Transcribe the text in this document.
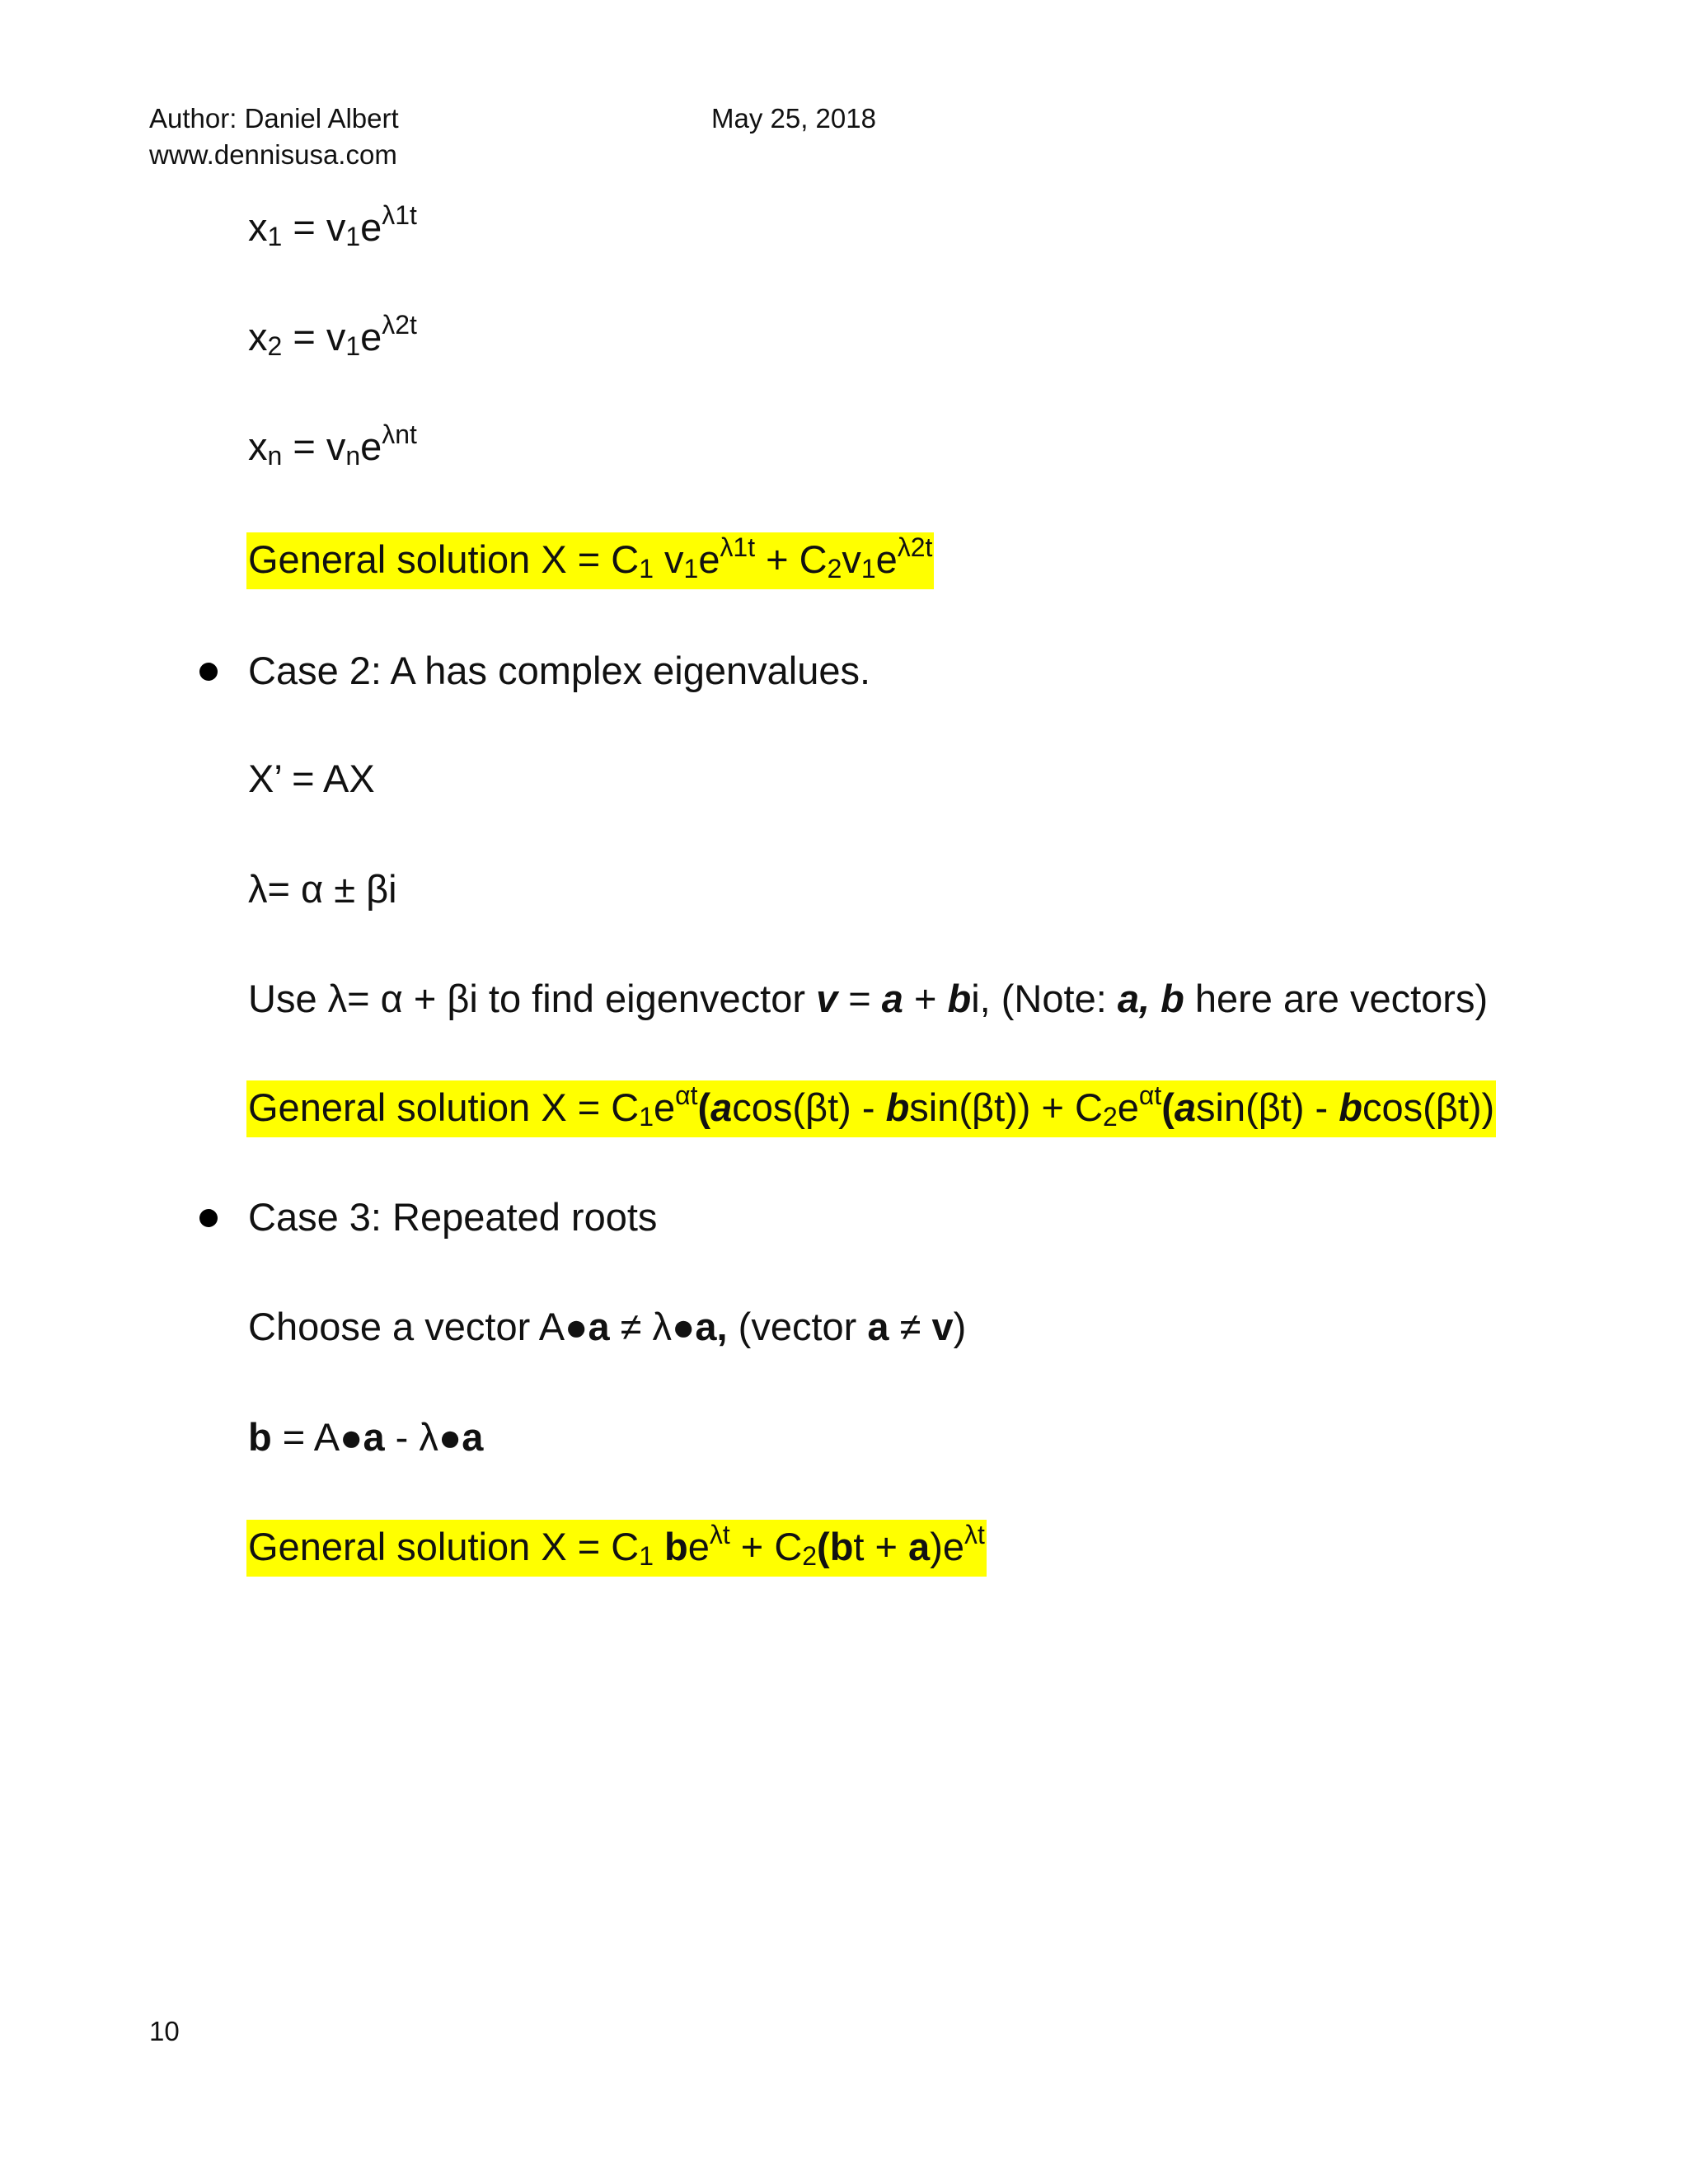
Author: Daniel Albert
www.dennisusa.com
May 25, 2018
$x_1 = v_1e^{\lambda 1t}$
$x_2 = v_1e^{\lambda 2t}$
$x_n = v_ne^{\lambda nt}$
General solution $X = C_1$ $v_1e^{\lambda 1t} + C_2v_1e^{\lambda 2t}$
Case 2: A has complex eigenvalues.
X’ = AX
λ= α ± βi
Use λ= α + βi to find eigenvector v = a + bi, (Note: a, b here are vectors)
General solution $X = C_1e^{\alpha t}(acos(\beta t) - bsin(\beta t)) + C_2e^{\alpha t}(asin(\beta t) - bcos(\beta t))$
Case 3: Repeated roots
Choose a vector A●a ≠ λ●a, (vector a ≠ v)
b = A●a - λ●a
General solution $X = C_1$ $be^{\lambda t} + C_2(bt + a)e^{\lambda t}$
10
